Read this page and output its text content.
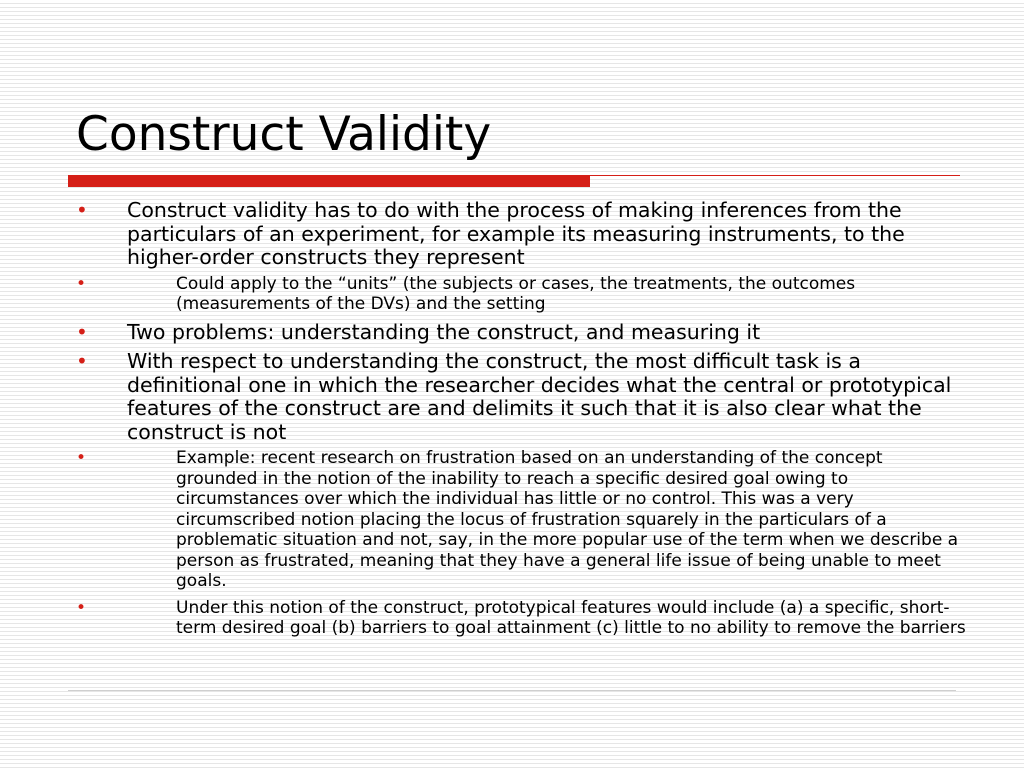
Construct Validity
• Construct validity has to do with the process of making inferences from the particulars of an experiment, for example its measuring instruments, to the higher-order constructs they represent
•	Could apply to the “units” (the subjects or cases, the treatments, the outcomes (measurements of the DVs) and the setting
• Two problems: understanding the construct, and measuring it
• With respect to understanding the construct, the most difficult task is a definitional one in which the researcher decides what the central or prototypical features of the construct are and delimits it such that it is also clear what the construct is not
•	Example: recent research on frustration based on an understanding of the concept grounded in the notion of the inability to reach a specific desired goal owing to circumstances over which the individual has little or no control. This was a very circumscribed notion placing the locus of frustration squarely in the particulars of a problematic situation and not, say, in the more popular use of the term when we describe a person as frustrated, meaning that they have a general life issue of being unable to meet goals.
•	Under this notion of the construct, prototypical features would include (a) a specific, short-term desired goal (b) barriers to goal attainment (c) little to no ability to remove the barriers
